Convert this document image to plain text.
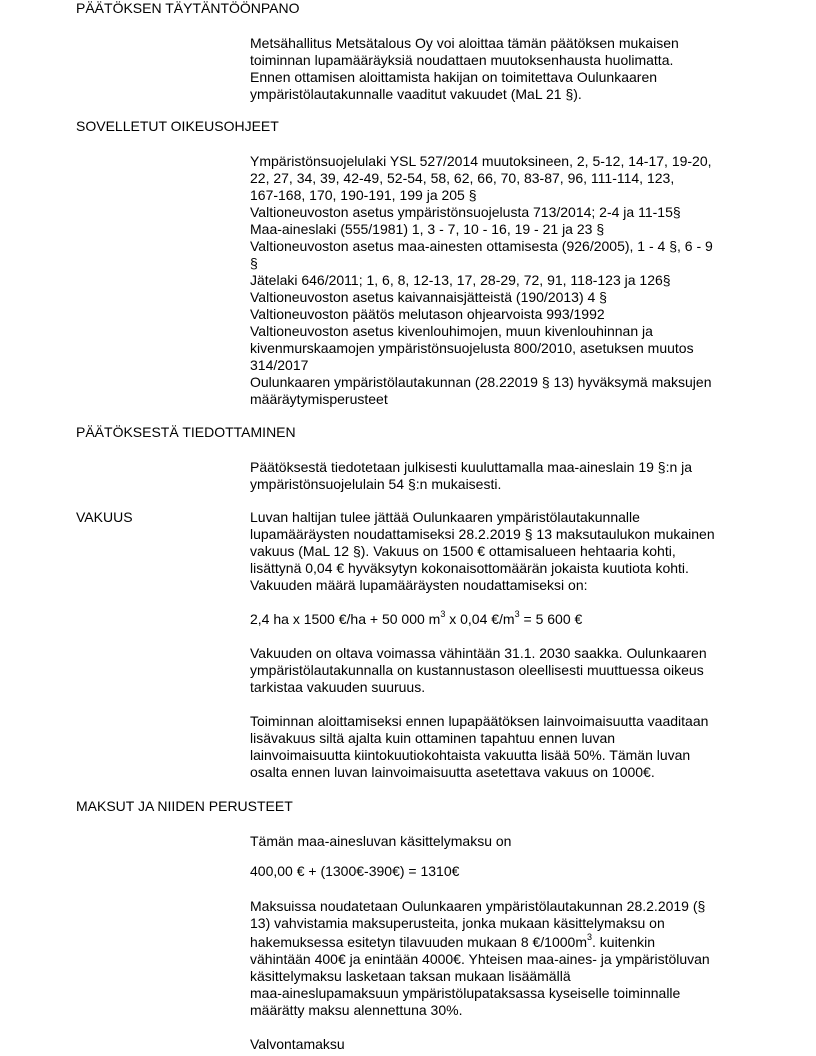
PÄÄTÖKSEN TÄYTÄNTÖÖNPANO
Metsähallitus Metsätalous Oy voi aloittaa tämän päätöksen mukaisen
toiminnan lupamääräyksiä noudattaen muutoksenhausta huolimatta.
Ennen ottamisen aloittamista hakijan on toimitettava Oulunkaaren
ympäristölautakunnalle vaaditut vakuudet (MaL 21 §).
SOVELLETUT OIKEUSOHJEET
Ympäristönsuojelulaki YSL 527/2014 muutoksineen, 2, 5-12, 14-17, 19-20,
22, 27, 34, 39, 42-49, 52-54, 58, 62, 66, 70, 83-87, 96, 111-114, 123,
167-168, 170, 190-191, 199 ja 205 §
Valtioneuvoston asetus ympäristönsuojelusta 713/2014; 2-4 ja 11-15§
Maa-aineslaki (555/1981) 1, 3 - 7, 10 - 16, 19 - 21 ja 23 §
Valtioneuvoston asetus maa-ainesten ottamisesta (926/2005), 1 - 4 §, 6 - 9
§
Jätelaki 646/2011; 1, 6, 8, 12-13, 17, 28-29, 72, 91, 118-123 ja 126§
Valtioneuvoston asetus kaivannaisjätteistä (190/2013) 4 §
Valtioneuvoston päätös melutason ohjearvoista 993/1992
Valtioneuvoston asetus kivenlouhimojen, muun kivenlouhinnan ja
kivenmurskaamojen ympäristönsuojelusta 800/2010, asetuksen muutos
314/2017
Oulunkaaren ympäristölautakunnan (28.22019 § 13) hyväksymä maksujen
määräytymisperusteet
PÄÄTÖKSESTÄ TIEDOTTAMINEN
Päätöksestä tiedotetaan julkisesti kuuluttamalla maa-aineslain 19 §:n ja
ympäristönsuojelulain 54 §:n mukaisesti.
VAKUUS	Luvan haltijan tulee jättää Oulunkaaren ympäristölautakunnalle
lupamääräysten noudattamiseksi 28.2.2019 § 13 maksutaulukon mukainen
vakuus (MaL 12 §). Vakuus on 1500 € ottamisalueen hehtaaria kohti,
lisättynä 0,04 € hyväksytyn kokonaisottomäärän jokaista kuutiota kohti.
Vakuuden määrä lupamääräysten noudattamiseksi on:
2,4 ha x 1500 €/ha + 50 000 $m^3$ x 0,04 $€/m^3 = 5$ 600 €
Vakuuden on oltava voimassa vähintään 31.1. 2030 saakka. Oulunkaaren
ympäristölautakunnalla on kustannustason oleellisesti muuttuessa oikeus
tarkistaa vakuuden suuruus.
Toiminnan aloittamiseksi ennen lupapäätöksen lainvoimaisuutta vaaditaan
lisävakuus siltä ajalta kuin ottaminen tapahtuu ennen luvan
lainvoimaisuutta kiintokuutiokohtaista vakuutta lisää 50%. Tämän luvan
osalta ennen luvan lainvoimaisuutta asetettava vakuus on 1000€.
MAKSUT JA NIIDEN PERUSTEET
Tämän maa-ainesluvan käsittelymaksu on
400,00 € + (1300€-390€) = 1310€
Maksuissa noudatetaan Oulunkaaren ympäristölautakunnan 28.2.2019 (§
13) vahvistamia maksuperusteita, jonka mukaan käsittelymaksu on
hakemuksessa esitetyn tilavuuden mukaan 8 $€/1000m^3$. kuitenkin
vähintään 400€ ja enintään 4000€. Yhteisen maa-aines- ja ympäristöluvan
käsittelymaksu lasketaan taksan mukaan lisäämällä
maa-aineslupamaksuun ympäristölupataksassa kyseiselle toiminnalle
määrätty maksu alennettuna 30%.
Valvontamaksu
